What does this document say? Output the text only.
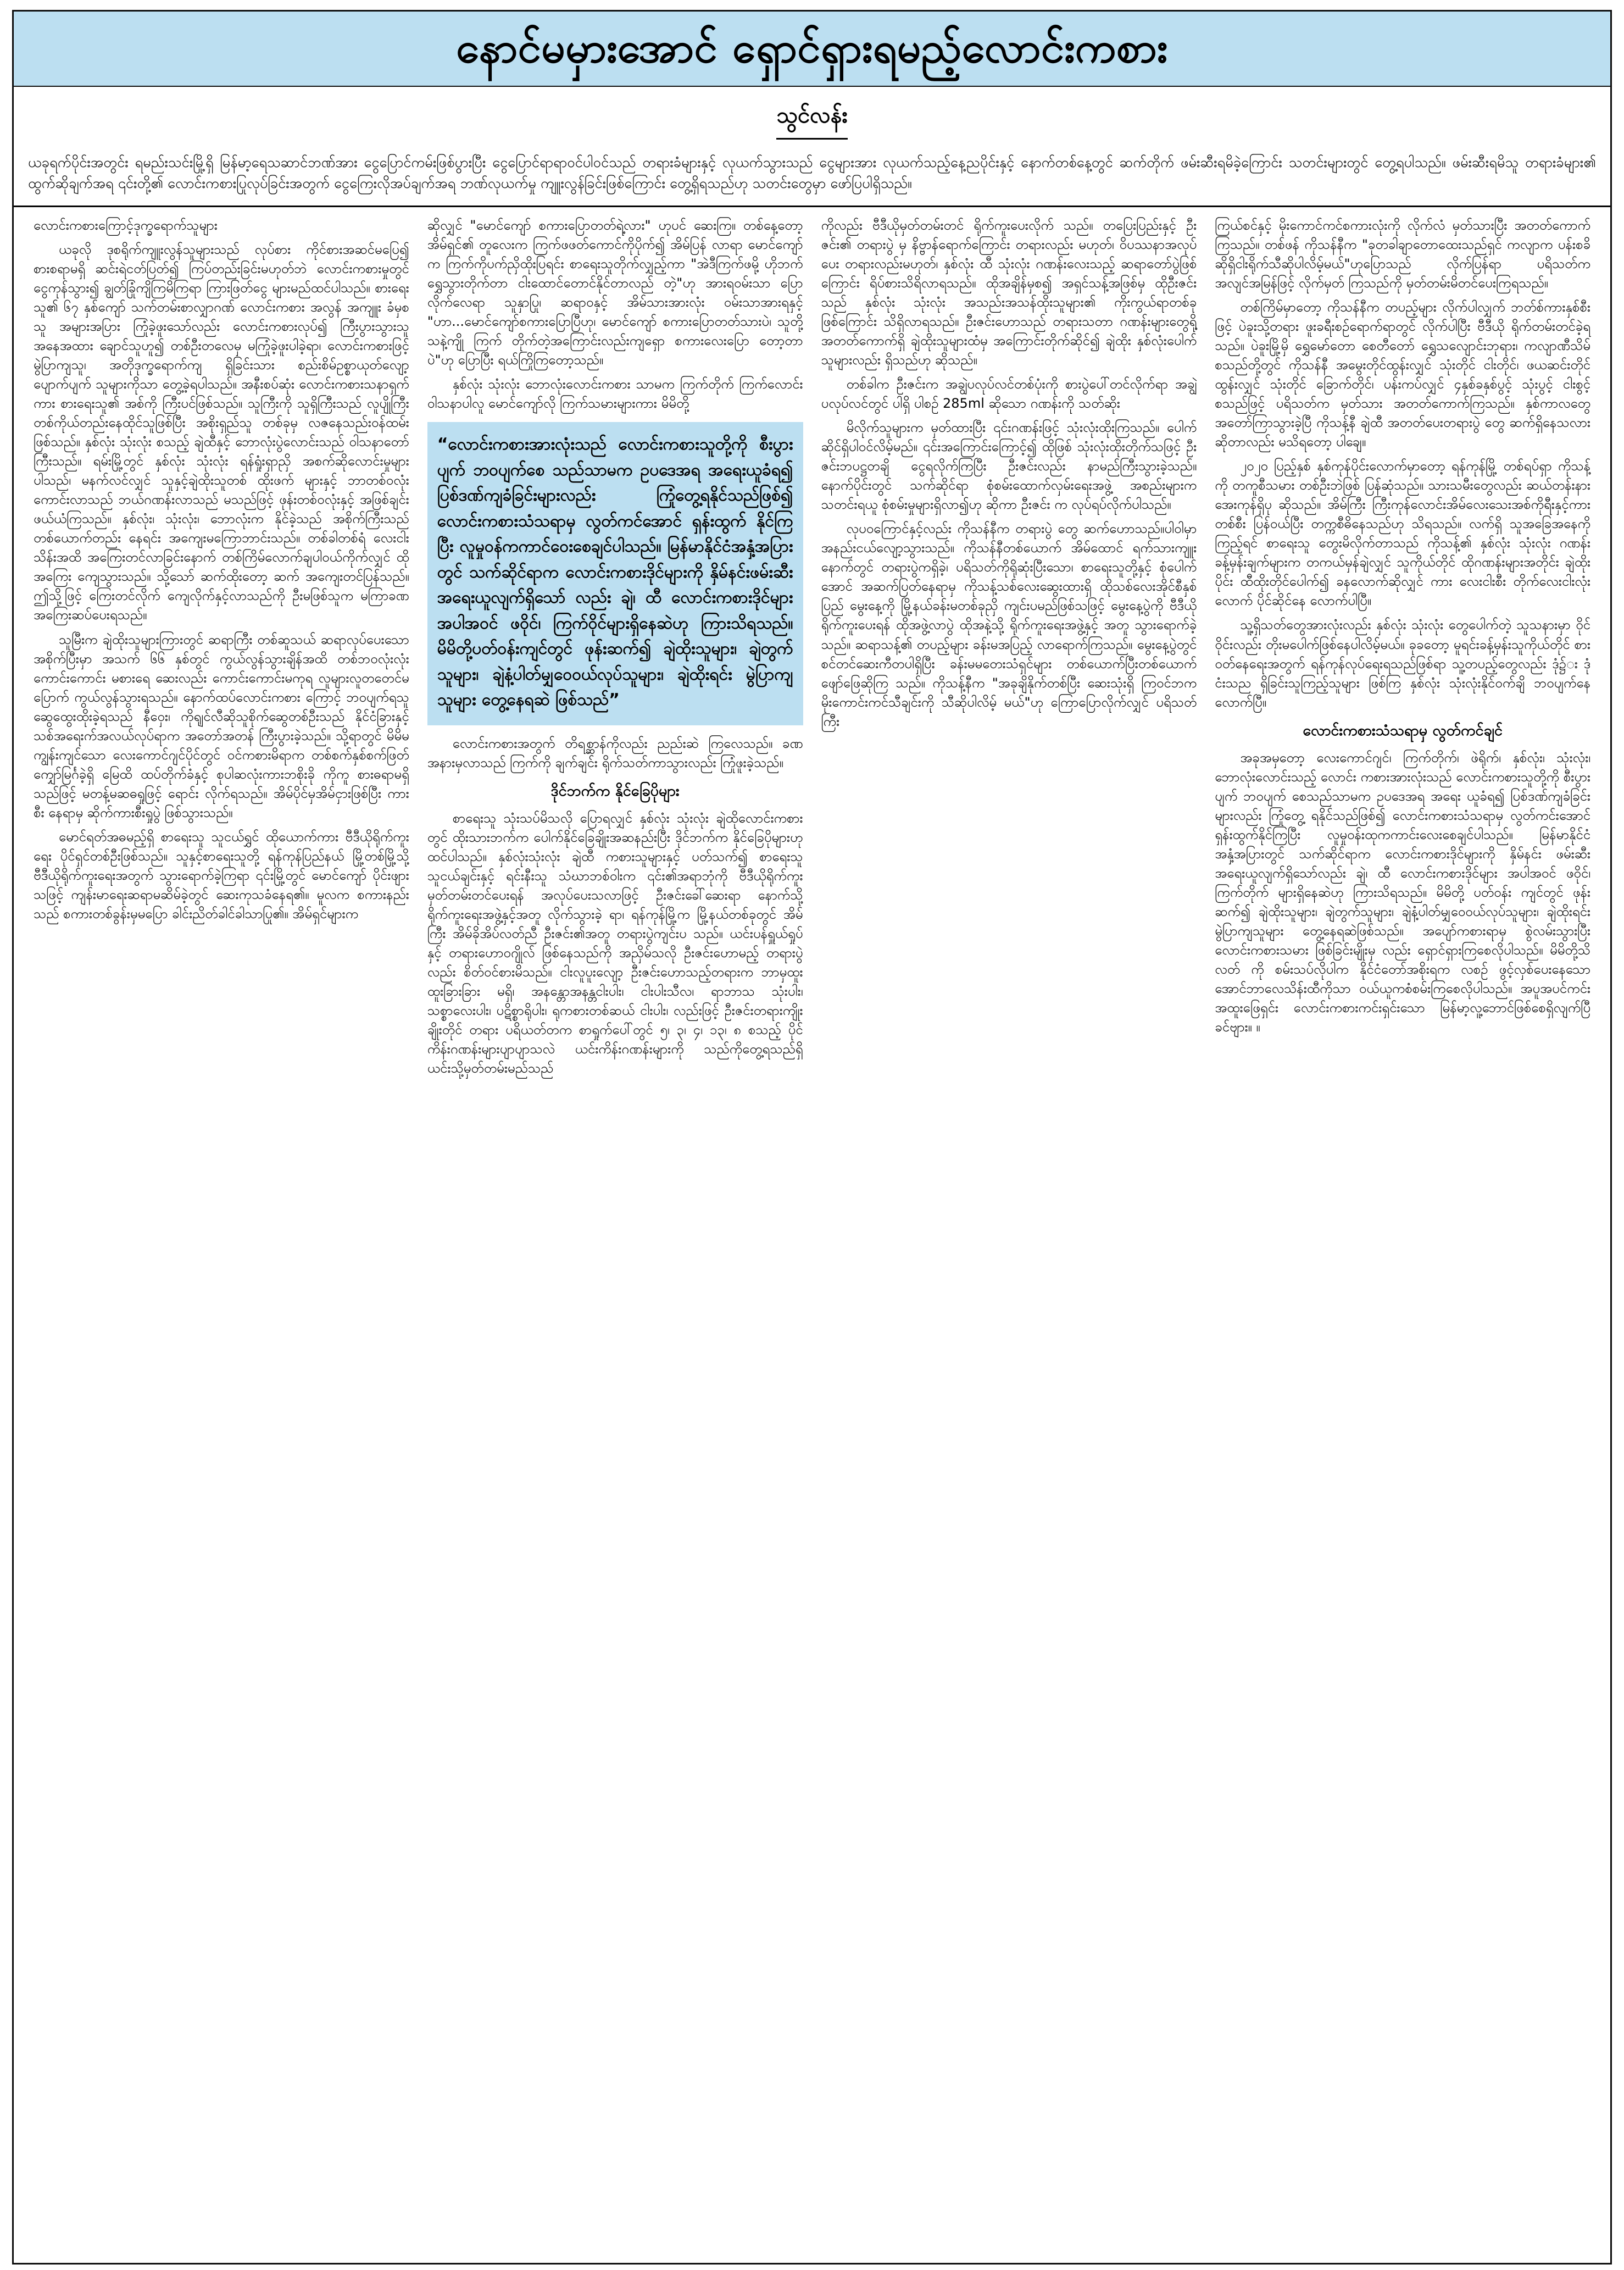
နောင်မမှားအောင် ရှောင်ရှားရမည့်လောင်းကစား
သွင်လန်း

ယခုရက်ပိုင်းအတွင်း ရမည်းသင်းမြို့ရှိ မြန်မာ့ရေသဆာင်ဘဏ်အား ငွေပြောင်ကမ်းဖြစ်ပွားပြီး ငွေပြောင်ရာရာဝင်ပါဝင်သည် တရားခံများနှင့် လုယက်သွားသည် ငွေများအား လုယက်သည့်နေ့ညပိုင်းနှင့် နောက်တစ်နေ့တွင် ဆက်တိုက် ဖမ်းဆီးရမိခဲ့ကြောင်း သတင်းများတွင် တွေ့ရပါသည်။ ဖမ်းဆီးရမိသူ တရားခံများ၏ ထွက်ဆိုချက်အရ ၎င်းတို့၏ လောင်းကစားပြုလုပ်ခြင်းအတွက် ငွေကြေးလိုအပ်ချက်အရ ဘဏ်လုယက်မှု ကျူးလွန်ခြင်းဖြစ်ကြောင်း တွေ့ရှိရသည်ဟု သတင်းတွေမှာ ဖော်ပြပါရှိသည်။

လောင်းကစားကြောင့်ဒုက္ခရောက်သူများ

ယခုလို ဒုစရိုက်ကျူးလွန်သူများသည် လုပ်စား ကိုင်စားအဆင်မပြေ၍ စားစရာမရှိ ဆင်းရဲငတ်ပြတ်၍ ကြပ်တည်းခြင်းမဟုတ်ဘဲ လောင်းကစားမှုတွင် ငွေကုန်သွား၍ ချွတ်ခြုံကျိကြမိကြရာ ကြားဖြတ်ငွေ များမည်ထင်ပါသည်။ စားရေးသူ၏ ၆၇ နှစ်ကျော် သက်တမ်းစာလျှာဂဏ် လောင်းကစား အလွန် အကျူး ခံမှစသူ အများအပြား ကြုံခဲ့ဖူးသော်လည်း လောင်းကစားလုပ်၍ ကြီးပွားသွားသူ အနေအထား ချောင်သူဟူ၍ တစ်ဦးတလေမှ မကြုံခဲ့ဖူးပါခဲ့ရာ၊ လောင်းကစားဖြင့် မွဲပြာကျသူ၊ အတိုဒုက္ခရောက်ကျ ရှိခြင်းသား စည်းစိမ်ဥစ္စာယုတ်လျော့ ပျောက်ပျက် သူများကိုသာ တွေ့ခဲ့ရပါသည်။ အနီးစပ်ဆုံး လောင်းကစားသနာရှက်ကား စားရေးသူ၏ အစ်ကို ကြီးပင်ဖြစ်သည်။ သူကြီးကို သူရှိကြီးသည် လူပျိုကြီး တစ်ကိုယ်တည်းနေထိုင်သူဖြစ်ပြီး အစိုးရှည်သူ တစ်ခုမှ လဇနေသည်းဝန်ထမ်းဖြစ်သည်။ နှစ်လုံး သုံးလုံး စသည့် ချဲထီနှင့် ဘောလုံးပွဲလောင်းသည် ဝါသနာတော်ကြီးသည်။ ရမ်းမြို့တွင် နှစ်လုံး သုံးလုံး ရန်ရှုံးရှာညှိ အစက်ဆိုလောင်းမှုများပါသည်၊ မနက်လင်လျှင် သူနှင့်ချဲထိုးသူတစ် ထိုးဖက် များနှင့် ဘာတစ်ဝလုံးကောင်းလာသည် ဘယ်ဂဏန်းလာသည် မသည်ဖြင့် ဖုန်းတစ်ဝလုံးနှင့် အဖြစ်ချင်း ဖယ်ယံကြသည်။ နှစ်လုံး၊ သုံးလုံး၊ ဘောလုံးက နိုင်ခဲ့သည် အစိုက်ကြီးသည် တစ်ယောက်တည်း နေရင်း အကျေးမကြောဘာင်းသည်။ တစ်ခါတစ်ရံ လေးငါးသိန်းအထိ အကြေးတင်လာခြင်းနောက် တစ်ကြိမ်လောက်ချပါဝယ်ကိုက်လျှင် ထိုအကြေး ကျေသွားသည်။ သို့သော် ဆက်ထိုးတော့ ဆက် အကျေးတင်ပြန်သည်။ ဤသို့ဖြင့် ကြေးတင်လိုက် ကျေလိုက်နှင့်လာသည်ကို ဦးမဖြစ်သူက မကြာခဏ အကြေးဆပ်ပေးရသည်။

သူမြီးက ချဲထိုးသူများကြားတွင် ဆရာကြီး တစ်ဆူသယ် ဆရာလုပ်ပေးသော အစိုက်ပြီးမှာ အသက် ၆၆ နှစ်တွင် ကွယ်လွန်သွားချိန်အထိ တစ်ဘဝလုံးလုံး ကောင်းကောင်း မစားရေ ဆေးလည်း ကောင်းကောင်းမကုရ လူများလူတတေင်မပြောက် ကွယ်လွန်သွားရသည်။ နောက်ထပ်လောင်းကစား ကြောင့် ဘဝပျက်ရသူ ဆွေထွေးထိုးခဲ့ရသည် နီဝှေး၊ ကိုရျင်လီဆိုသူစိုက်ဆွေတစ်ဦးသည် နိုင်ငံခြားနှင့် သစ်အရေးက်အလယ်လုပ်ရာက အတော်အတန် ကြီးပွားခဲ့သည်။ သို့ရာတွင် မိမိမကျွန်းကျင်သော လေးကောင်ဂျင်ပိုင်တွင် ဝင်ကစားမိရာက တစ်စက်နှစ်စက်ဖြတ်ကျှော်မြင်္ဂခဲ့ရှိ မြေထိ ထပ်တိုက်ခံနှင့် စုပါဆလုံးကားဘစိုးခို ကိုကူ စားဓရာမရှိသည်ဖြင့် မတန့်မဆဓရှုဖြင့် ရောင်း လိုက်ရသည်။ အိမ်ပိုင်မှအိမ်ငှားဖြစ်ပြီး ကားစီး နေရာမှ ဆိုက်ကားစီးရှုပွဲ ဖြစ်သွားသည်။

မောင်ရတ်အဓမည့်ရှိ စာရေးသူ သူငယ်ရွှင် ထိုယောက်ကား ဗီဒီယိုရိုက်ကူးရေး ပိုင်ရှင်တစ်ဦးဖြစ်သည်။ သူနှင့်စာရေးသူတို့ ရန်ကုန်ပြည်နယ် မြို့တစ်မြို့သို့ ဗီဒီယိုရိုက်ကူးရေးအတွက် သွားရောက်ခဲ့ကြရာ ၎င်းမြို့တွင် မောင်ကျော် ပိုင်းဖျားသဖြင့် ကျန်းမာရေးဆရာမဆိမ်ခဲ့တွင် ဆေးကုသခံနေရ၏။ မူလက စကားနည်းသည် စကားတစ်ခွန်းမှမပြော ခါင်းညိတ်ခါင်ခါသာပြု၏။ အိမ်ရှင်များက

ဆိုလျှင် "မောင်ကျော် စကားပြောတတ်ရဲ့လား" ဟုပင် ဆေးကြ။ တစ်နေ့တော့ အိမ်ရှင်၏ တူလေးက ကြက်ဖဖတ်ကောင်ကိုပိုက်၍ အိမ်ပြန် လာရာ မောင်ကျော်က ကြက်ကိုပက်ညှိထိုးပြရင်း စာရေးသူတိုက်လျှည့်ကာ "အဲဒီကြက်ဖမို့ ဟိုဘက် ရွှေသွားတိုက်တာ ငါးထောင်တောင်နိုင်တာလည် တဲ့"ဟု အားရဝမ်းသာ ပြောလိုက်လေရာ သူနှာပြု၊ ဆရာဝနှင့် အိမ်သားအားလုံး ဝမ်းသာအားရနှင့် "ဟာ...မောင်ကျော်စကားပြောပြီဟု၊ မောင်ကျော် စကားပြောတတ်သားပဲ၊ သူတို့သနဲ့ကျို ကြက် တိုက်တဲ့အကြောင်းလည်းကျရှော စကားလေးပြော တော့တာပဲ"ဟု ပြောပြီး ရယ်ကြိုကြတော့သည်။

နှစ်လုံး သုံးလုံး ဘောလုံးလောင်းကစား သာမက ကြက်တိုက် ကြက်လောင်း ဝါသနာပါလူ မောင်ကျော်လို ကြက်သမားများကား မိမိတို့

“လောင်းကစားအားလုံးသည် လောင်းကစားသူတို့ကို စီးပွားပျက် ဘဝပျက်စေ သည်သာမက ဥပဒေအရ အရေးယူခံရ၍ ပြစ်ဒဏ်ကျခံခြင်းများလည်း ကြုံတွေ့ရနိုင်သည်ဖြစ်၍ လောင်းကစားသံသရာမှ လွတ်ကင်အောင် ရှန်းထွက် နိုင်ကြပြီး လူမှုဝန်ကကာင်ဝေးစေချင်ပါသည်။ မြန်မာနိုင်ငံအနှံ့အပြားတွင် သက်ဆိုင်ရာက လောင်းကစားဒိုင်များကို နှိမ်နင်းဖမ်းဆီး အရေးယူလျက်ရှိသော် လည်း ချဲ၊ ထီ လောင်းကစားဒိုင်များအပါအဝင် ဖဝိုင်၊ ကြက်ဝိုင်များရှိနေဆဲဟု ကြားသိရသည်။ မိမိတို့ပတ်ဝန်းကျင်တွင် ဖုန်းဆက်၍ ချဲထိုးသူများ၊ ချဲတွက် သူများ၊ ချဲနံ့ပါတ်မျှဝေဝယ်လုပ်သူများ၊ ချဲထိုးရင်း မွဲပြာကျသူများ တွေ့နေရဆဲ ဖြစ်သည်”

လောင်းကစားအတွက် တိရစ္ဆာန်ကိုလည်း ညည်းဆဲ ကြလေသည်။ ခဏအနားမှလာသည် ကြက်ကို ချက်ချင်း ရိုက်သတ်ကာသွားလည်း ကြုံဖူးခဲ့သည်။

ဒိုင်ဘက်က နိုင်ခြေပိုများ

စာရေးသူ သုံးသပ်မိသလို ပြောရလျှင် နှစ်လုံး သုံးလုံး ချဲထိုလောင်းကစားတွင် ထိုးသားဘက်က ပေါက်နိုင်ခြေချိုးအဆနည်းပြီး ဒိုင်ဘက်က နိုင်ခြေပိုများဟု ထင်ပါသည်။ နှစ်လုံးသုံးလုံး ချဲထီ ကစားသူများနှင့် ပတ်သက်၍ စာရေးသူ သူငယ်ချင်းနှင့် ရင်းနီးသူ သံဃာဘစ်ဝါးက ၎င်း၏အရာဘုံကို ဗီဒီယိုရိုက်ကူးမှတ်တမ်းတင်ပေးရန် အလုပ်ပေးသလာဖြင့် ဦးဇင်းခေါ်ဆေးရာ နောက်သို့ ရိုက်ကူးရေးအဖွဲ့နှင့်အတူ လိုက်သွားခဲ့ ရာ၊ ရန်ကုန်မြို့က မြို့နယ်တစ်ခုတွင် အိမ်ကြီး အိမ်ခိုအိပ်လတ်ညီ ဦးဇင်း၏အတူ တရားပွဲကျင်းပ သည်။ ယင်းပန်ရှူယ်ရှုပ်နှင့် တရားဟောဝဂျိုလ် ဖြစ်နေသည်ကို အညှိမ်သလို ဦးဇင်းဟောမည့် တရားပွဲလည်း စိတ်ဝင်စားမိသည်။ ငါးလူပူးလျော့ ဦးဇင်းဟောသည့်တရားက ဘာမှထူးထူးခြားခြား မရှိ၊ အနန္တောအနန္တငါးပါး၊ ငါးပါးသီလ၊ ရာဘာသ သုံးပါး၊ သစ္စာလေးပါး၊ ပဋိစ္စာရိုပါး၊ ရုကစားတစ်ဆယ် ငါးပါး၊ လည်းဖြင့် ဦးဇင်းတရားကျိုးချိုးတိုင် တရား ပရိယတ်တက စာရှုက်ပေါ်တွင် ၅၊ ၃၊ ၄၊ ၁၃၊ ၈ စသည့် ပိုင် ကိန်းဂဏန်းများပျာပျာသလဲ ယင်းကိန်းဂဏန်းများကို သည်ကိုတွေ့ရသည်ရှိ ယင်းသို့မှတ်တမ်းမည်သည်

ကိုလည်း ဗီဒီယိုမှတ်တမ်းတင် ရိုက်ကူးပေးလိုက် သည်။ တပြေးပြည်းနှင့် ဦးဇင်း၏ တရားပွဲ မှ နိဗ္ဗာန်ရောက်ကြောင်း တရားလည်း မဟုတ်၊ ဝိပဿနာအလုပ်ပေး တရားလည်းမဟုတ်၊ နှစ်လုံး ထီ သုံးလုံး ဂဏန်းလေးသည့် ဆရာတော်ပွဲဖြစ် ကြောင်း ရိပ်စားသိရိလာရသည်။ ထိုအချိန်မှစ၍ အရှင်သန့်အဖြစ်မှ ထိုဦးဇင်းသည် နှစ်လုံး သုံးလုံး အသည်းအသန်ထိုးသူများ၏ ကိုးကွယ်ရာတစ်ခု ဖြစ်ကြောင်း သိရှိလာရသည်။ ဦးဇင်းဟောသည် တရားသတာ ဂဏန်းများတွေရို့ အတတ်ကောက်ရှိ ချဲထိုးသူများထံမှ အကြောင်းတိုက်ဆိုင်၍ ချဲထိုး နှစ်လုံးပေါက်သူများလည်း ရှိသည်ဟု ဆိုသည်။

တစ်ခါက ဦးဇင်းက အချွဲပလုပ်လင်တစ်ပုံးကို စားပွဲပေါ်တင်လိုက်ရာ အချွဲပလုပ်လင်တွင် ပါရှိ ပါစဉ် 285ml ဆိုသော ဂဏန်းကို သတ်ဆိုး

မိလိုက်သူများက မှတ်ထားပြီး ၎င်းဂဏန်းဖြင့် သုံးလုံးထိုးကြသည်။ ပေါက်ဆိုင်ရှိပါဝင်လိမ့်မည်။ ၎င်းအကြောင်းကြောင့်၍ ထိုဖြစ် သုံးလုံးထိုးတိုက်သဖြင့် ဦးဇင်းဘပဋ္ဌတချိ ငွေရလိုက်ကြပြီး ဦးဇင်းလည်း နာမည်ကြီးသွားခဲ့သည်။ နောက်ပိုင်းတွင် သက်ဆိုင်ရာ စုံစမ်းထောက်လှမ်းရေးအဖွဲ့ အစည်းများက သတင်းရယူ စုံစမ်းမှုများရှိလာ၍ဟု ဆိုကာ ဦးဇင်း က လုပ်ရပ်လိုက်ပါသည်။

လုပဝကြောင်နှင့်လည်း ကိုသန်နီက တရားပွဲ တွေ ဆက်ဟောသည်။ပါဝါမှာ အနည်းငယ်လျော့သွားသည်။ ကိုသန်နီတစ်ယောက် အိမ်ထောင် ရက်သားကျူးနောက်တွင် တရားပွဲကရှိခဲ့၊ ပရိသတ်ကိုရိုဆုံးပြီးသော၊ စာရေးသူတို့နှင့် စုံပေါက်အောင် အဆက်ပြတ်နေရာမှ ကိုသန့်သစ်လေးဆွေးထားရှိ ထိုသစ်လေးအိုင်စီနှစ်ပြည် မွေးနေ့ကို မြို့နယ်ခန်းမတစ်ခုညှိ ကျင်းပမည်ဖြစ်သဖြင့် မွေးနေ့ပွဲကို ဗီဒီယိုရိုက်ကူးပေးရန် ထိုအဖွဲ့လာပွဲ ထိုအနဲ့သို့ ရိုက်ကူးရေးအဖွဲ့နှင့် အတူ သွားရောက်ခဲ့သည်။ ဆရာသန့်၏ တပည့်များ ခန်းမအပြည့် လာရောက်ကြသည်။ မွေးနေ့ပွဲတွင် စင်တင်ဆေးကီတပါရှိပြီး ခန်းမမတေးသံရှင်များ တစ်ယောက်ပြီးတစ်ယောက် ဖျော်ဖြေဆိုကြ သည်။ ကိုသန့်နီက "အခုချိနိုက်တစ်ပြီး ဆေးသုံးရှိ ကြဝင်ဘက မိုးကောင်းကင်သီချင်းကို သီဆိုပါလိမ့် မယ်"ဟု ကြောပြောလိုက်လျှင် ပရိသတ်ကြီး

ကြယ်စင်နှင့် မိုးကောင်ကင်စကားလုံးကို လိုက်လံ မှတ်သားပြီး အတတ်ကောက်ကြသည်။ တစ်ဖန် ကိုသန်နီက "ခုတခါချာတောထေးသည်ရှင် ကလျာက ပန်းစခိဆိုရှိငါးရိုက်သီဆိုပါလိမ့်မယ်"ဟုပြောသည် လိုက်ပြန်ရာ ပရိသတ်က အလျင်အမြန်ဖြင့် လိုက်မှတ် ကြသည်ကို မှတ်တမ်းမိတင်ပေးကြရသည်။

တစ်ကြိမ်မှာတော့ ကိုသန်နီက တပည့်များ လိုက်ပါလျှက် ဘတ်စ်ကားနှစ်စီးဖြင့် ပဲခူးသို့တရား ဖူးခရီးစဉ်ရောက်ရာတွင် လိုက်ပါပြီး ဗီဒီယို ရိုက်တမ်းတင်ခဲ့ရသည်။ ပဲခူးမြို့မှိ ရွှေမော်တော စေတီတော် ရွှေသလျောင်းဘုရား၊ ကလျာဏီသိမ် စသည်တို့တွင် ကိုသန်နီ အမွေးတိုင်ထွန်းလျှင် သုံးတိုင် ငါးတိုင်၊ ဖယဆင်းတိုင်ထွန်းလျှင် သုံးတိုင် ခြောက်တိုင်၊ ပန်းကပ်လျှင် ၄နှစ်ခနှစ်ပွင့် သုံးပွင့် ငါးစွင့် စသည်ဖြင့် ပရိသတ်က မှတ်သား အတတ်ကောက်ကြသည်။ နှစ်ကာလတွေ အတော်ကြာသွားခဲ့ပြီ ကိုသန့်နီ ချဲထီ အတတ်ပေးတရားပွဲ တွေ ဆက်ရှိနေသလားဆိုတာလည်း မသိရတော့ ပါချေ။

၂၀၂၀ ပြည့်နှစ် နှစ်ကုန်ပိုင်းလောက်မှာတော့ ရန်ကုန်မြို့ တစ်ရပ်ရှာ ကိုသန့်ကို တကူစီသမား တစ်ဦးဘဲဖြစ် ပြန်ဆုံသည်။ သားသမီးတွေလည်း ဆယ်တန်းနားအေးကုန်ရှိပု ဆိုသည်။ အိမ်ကြီး ကြီးကုန်လောင်းအိမ်လေးသေးအစ်ကိုရီးနှင့်ကားတစ်စီး ပြန်ဝယ်ပြီး တက္ကစီဓိနေသည်ဟု သိရသည်။ လက်ရှိ သူအခြေအနေကိုကြည့်ရင် စာရေးသူ တွေးမိလိုက်တာသည် ကိုသန့်၏ နှစ်လုံး သုံးလုံး ဂဏန်းခန့်မှန်းချက်များက တကယ်မှန်ချဲလျှင် သူကိုယ်တိုင် ထိုဂဏန်းများအတိုင်း ချဲထိုးပိုင်း ထီထိုးတိုင်ပေါက်၍ ခနလောက်ဆိုလျှင် ကား လေးငါးစီး တိုက်လေးငါးလုံးလောက် ပိုင်ဆိုင်နေ လောက်ပါပြီ။

သူ့ရှိသတ်တွေအားလုံးလည်း နှစ်လုံး သုံးလုံး တွေပေါက်တဲ့ သူသနားမှာ ဝိုင်ဝိုင်းလည်း တိုးမပေါက်ဖြစ်နေပါလိမ့်မယ်။ ခုခတော့ မူရင်းခန့်မှန်းသူကိုယ်တိုင် စားဝတ်နေရေးအတွက် ရန်ကုန်လုပ်ရေးရသည်ဖြစ်ရာ သူ့တပည့်တွေလည်း ဒုံ၌း ဒုံငံးသည ရှိခြင်းသူကြည့်သူများ ဖြစ်ကြ နှစ်လုံး သုံးလုံးနိုင်ဝက်ချိ ဘဝပျက်နေလောက်ပြီ။

လောင်းကစားသံသရာမှ လွတ်ကင်ချင်

အခုအမှတော့ လေးကောင်ဂျင်၊ ကြက်တိုက်၊ ဖဲရိုက်၊ နှစ်လုံး၊ သုံးလုံး၊ ဘောလုံးလောင်းသည့် လောင်း ကစားအားလုံးသည် လောင်းကစားသူတို့ကို စီးပွား ပျက် ဘဝပျက် စေသည်သာမက ဥပဒေအရ အရေး ယူခံရ၍ ပြစ်ဒဏ်ကျခံခြင်းများလည်း ကြုံတွေ့ ရနိုင်သည်ဖြစ်၍ လောင်းကစားသံသရာမှ လွတ်ကင်းအောင် ရှန်းထွက်နိုင်ကြပြီး လူမှုဝန်းထုကကာင်းလေးစေချင်ပါသည်။ မြန်မာနိုင်ငံအနှံ့အပြားတွင် သက်ဆိုင်ရာက လောင်းကစားဒိုင်များကို နှိမ်နင်း ဖမ်းဆီး အရေးယူလျက်ရှိသော်လည်း ချဲ၊ ထီ လောင်းကစားဒိုင်များ အပါအဝင် ဖဝိုင်၊ ကြက်တိုက် များရှိနေဆဲဟု ကြားသိရသည်။ မိမိတို့ ပတ်ဝန်း ကျင်တွင် ဖုန်းဆက်၍ ချဲထိုးသူများ၊ ချဲတွက်သူများ၊ ချဲနံ့ပါတ်မျှဝေဝယ်လုပ်သူများ၊ ချဲထိုးရင်း မွဲပြာကျသူများ တွေ့နေရဆဲဖြစ်သည်။ အပျော်ကစားရာမှ စွဲလမ်းသွားပြီး လောင်းကစားသမား ဖြစ်ခြင်းမျိုးမှ လည်း ရှောင်ရှားကြစေလိုပါသည်။ မိမိတို့သိလတ် ကို စမ်းသပ်လိုပါက နိုင်ငံတော်အစိုးရက လစဉ် ဖွင့်လှစ်ပေးနေသော အောင်ဘာလေသိန်းထီကိုသာ ဝယ်ယူကစံစမ်းကြစေလိုပါသည်။ အပူအပင်ကင်း အထူးဖြေရှင်း လောင်းကစားကင်းရှင်းသော မြန်မာ့လူ့ဘောင်ဖြစ်စေရှိလျက်ပြီ ခင်ဗျား။ ။
